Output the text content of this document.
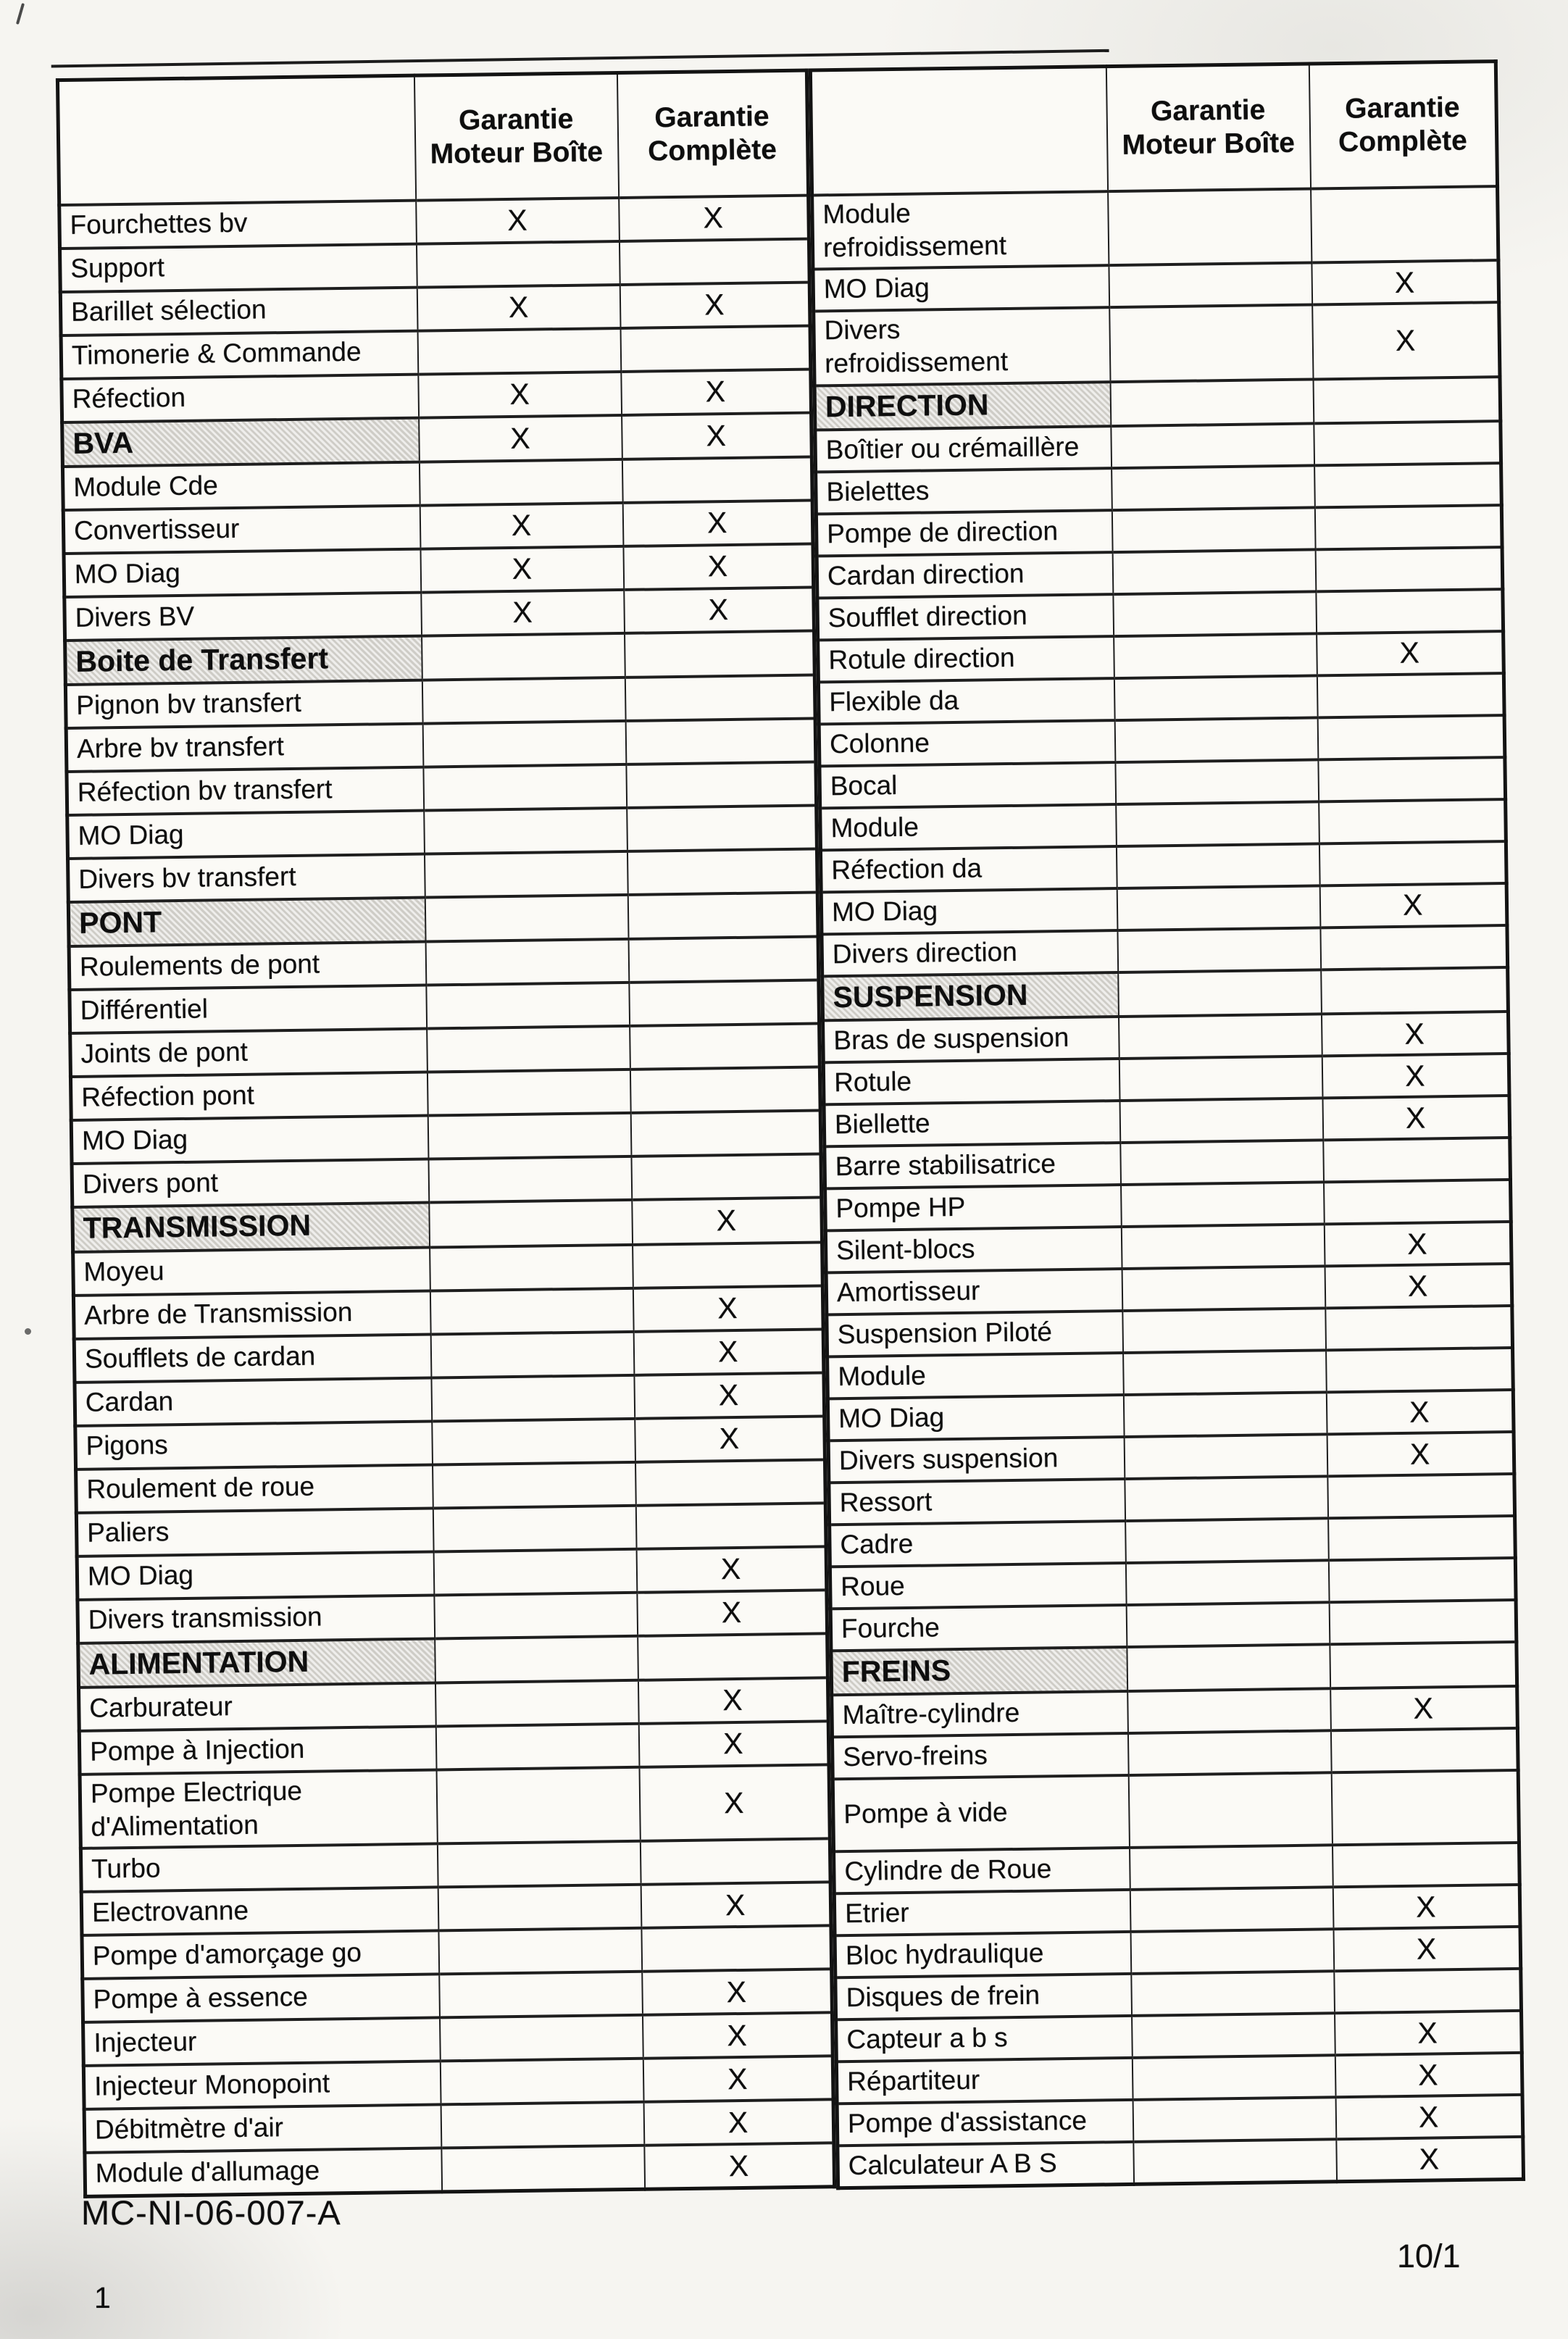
	Garantie Moteur Boîte	Garantie Complète
Fourchettes bv	X	X
Support		
Barillet sélection	X	X
Timonerie & Commande		
Réfection	X	X
BVA	X	X
Module Cde		
Convertisseur	X	X
MO Diag	X	X
Divers BV	X	X
Boite de Transfert		
Pignon bv transfert		
Arbre bv transfert		
Réfection bv transfert		
MO Diag		
Divers bv transfert		
PONT		
Roulements de pont		
Différentiel		
Joints de pont		
Réfection pont		
MO Diag		
Divers pont		
TRANSMISSION		X
Moyeu		
Arbre de Transmission		X
Soufflets de cardan		X
Cardan		X
Pigons		X
Roulement de roue		
Paliers		
MO Diag		X
Divers transmission		X
ALIMENTATION		
Carburateur		X
Pompe à Injection		X
Pompe Electrique
d'Alimentation		X
Turbo		
Electrovanne		X
Pompe d'amorçage go		
Pompe à essence		X
Injecteur		X
Injecteur Monopoint		X
Débitmètre d'air		X
Module d'allumage		X
	Garantie Moteur Boîte	Garantie Complète
Module
refroidissement		
MO Diag		X
Divers
refroidissement		X
DIRECTION		
Boîtier ou crémaillère		
Bielettes		
Pompe de direction		
Cardan direction		
Soufflet direction		
Rotule direction		X
Flexible da		
Colonne		
Bocal		
Module		
Réfection da		
MO Diag		X
Divers direction		
SUSPENSION		
Bras de suspension		X
Rotule		X
Biellette		X
Barre stabilisatrice		
Pompe HP		
Silent-blocs		X
Amortisseur		X
Suspension Piloté		
Module		
MO Diag		X
Divers suspension		X
Ressort		
Cadre		
Roue		
Fourche		
FREINS		
Maître-cylindre		X
Servo-freins		
Pompe à vide		
Cylindre de Roue		
Etrier		X
Bloc hydraulique		X
Disques de frein		
Capteur a b s		X
Répartiteur		X
Pompe d'assistance		X
Calculateur A B S		X
MC-NI-06-007-A
10/1
1
